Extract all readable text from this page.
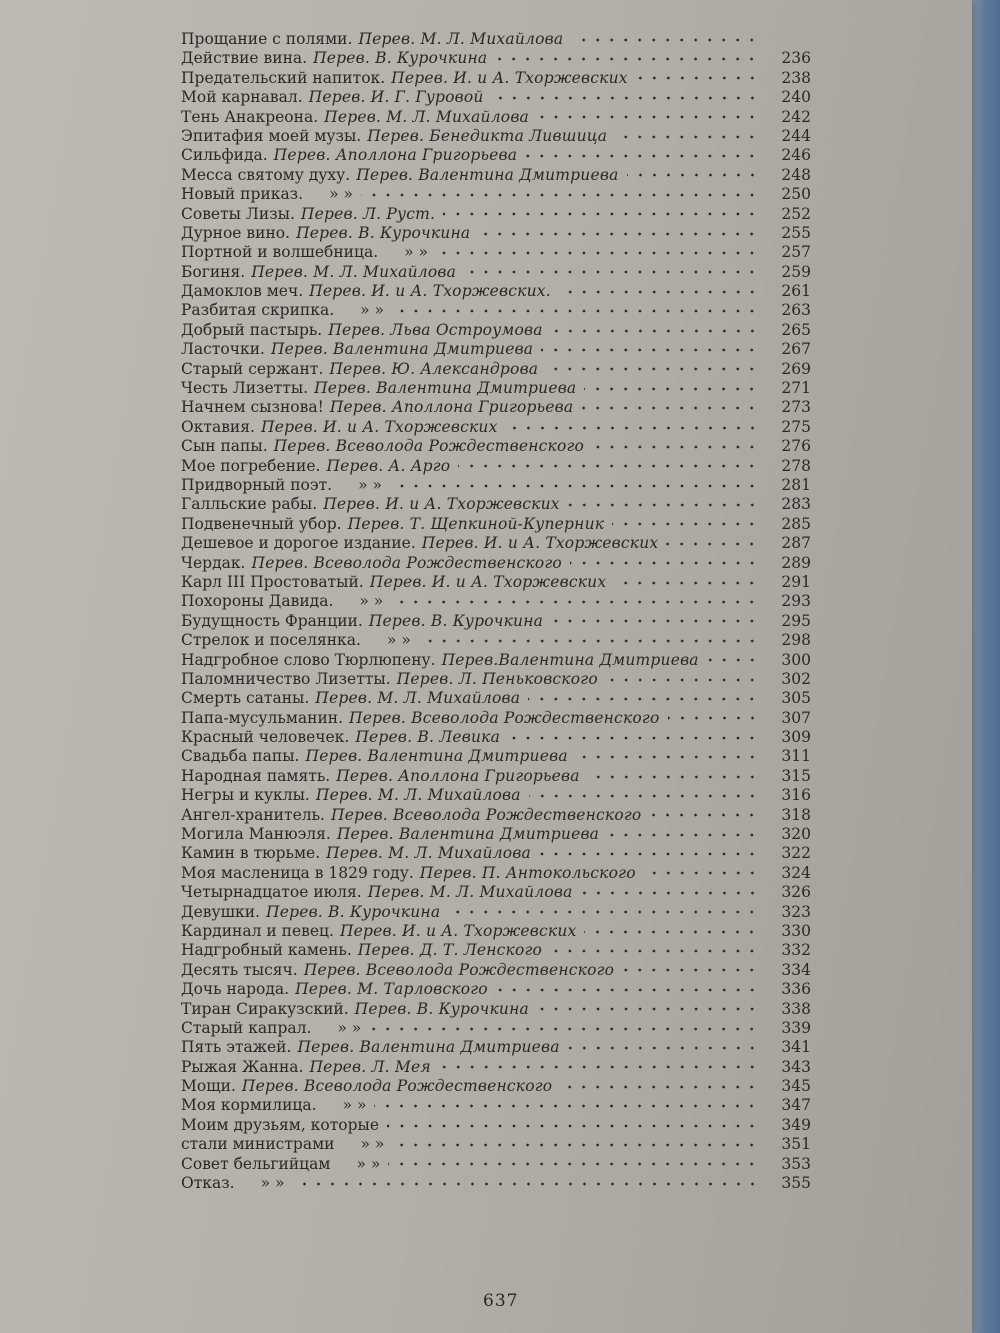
Прощание с полями. Перев. М. Л. Михайлова
Действие вина. Перев. В. Курочкина	236
Предательский напиток. Перев. И. и А. Тхоржевских	238
Мой карнавал. Перев. И. Г. Гуровой	240
Тень Анакреона. Перев. М. Л. Михайлова	242
Эпитафия моей музы. Перев. Бенедикта Лившица	244
Сильфида. Перев. Аполлона Григорьева	246
Месса святому духу. Перев. Валентина Дмитриева	248
Новый приказ. » »	250
Советы Лизы. Перев. Л. Руст.	252
Дурное вино. Перев. В. Курочкина	255
Портной и волшебница. » »	257
Богиня. Перев. М. Л. Михайлова	259
Дамоклов меч. Перев. И. и А. Тхоржевских.	261
Разбитая скрипка. » »	263
Добрый пастырь. Перев. Льва Остроумова	265
Ласточки. Перев. Валентина Дмитриева	267
Старый сержант. Перев. Ю. Александрова	269
Честь Лизетты. Перев. Валентина Дмитриева	271
Начнем сызнова! Перев. Аполлона Григорьева	273
Октавия. Перев. И. и А. Тхоржевских	275
Сын папы. Перев. Всеволода Рождественского	276
Мое погребение. Перев. А. Арго	278
Придворный поэт. » »	281
Галльские рабы. Перев. И. и А. Тхоржевских	283
Подвенечный убор. Перев. Т. Щепкиной-Куперник	285
Дешевое и дорогое издание. Перев. И. и А. Тхоржевских	287
Чердак. Перев. Всеволода Рождественского	289
Карл III Простоватый. Перев. И. и А. Тхоржевских	291
Похороны Давида. » »	293
Будущность Франции. Перев. В. Курочкина	295
Стрелок и поселянка. » »	298
Надгробное слово Тюрлюпену. Перев.Валентина Дмитриева	300
Паломничество Лизетты. Перев. Л. Пеньковского	302
Смерть сатаны. Перев. М. Л. Михайлова	305
Папа-мусульманин. Перев. Всеволода Рождественского	307
Красный человечек. Перев. В. Левика	309
Свадьба папы. Перев. Валентина Дмитриева	311
Народная память. Перев. Аполлона Григорьева	315
Негры и куклы. Перев. М. Л. Михайлова	316
Ангел-хранитель. Перев. Всеволода Рождественского	318
Могила Манюэля. Перев. Валентина Дмитриева	320
Камин в тюрьме. Перев. М. Л. Михайлова	322
Моя масленица в 1829 году. Перев. П. Антокольского	324
Четырнадцатое июля. Перев. М. Л. Михайлова	326
Девушки. Перев. В. Курочкина	323
Кардинал и певец. Перев. И. и А. Тхоржевских	330
Надгробный камень. Перев. Д. Т. Ленского	332
Десять тысяч. Перев. Всеволода Рождественского	334
Дочь народа. Перев. М. Тарловского	336
Тиран Сиракузский. Перев. В. Курочкина	338
Старый капрал. » »	339
Пять этажей. Перев. Валентина Дмитриева	341
Рыжая Жанна. Перев. Л. Мея	343
Мощи. Перев. Всеволода Рождественского	345
Моя кормилица. » »	347
Моим друзьям, которые	349
стали министрами » »	351
Совет бельгийцам » »	353
Отказ. » »	355
637
